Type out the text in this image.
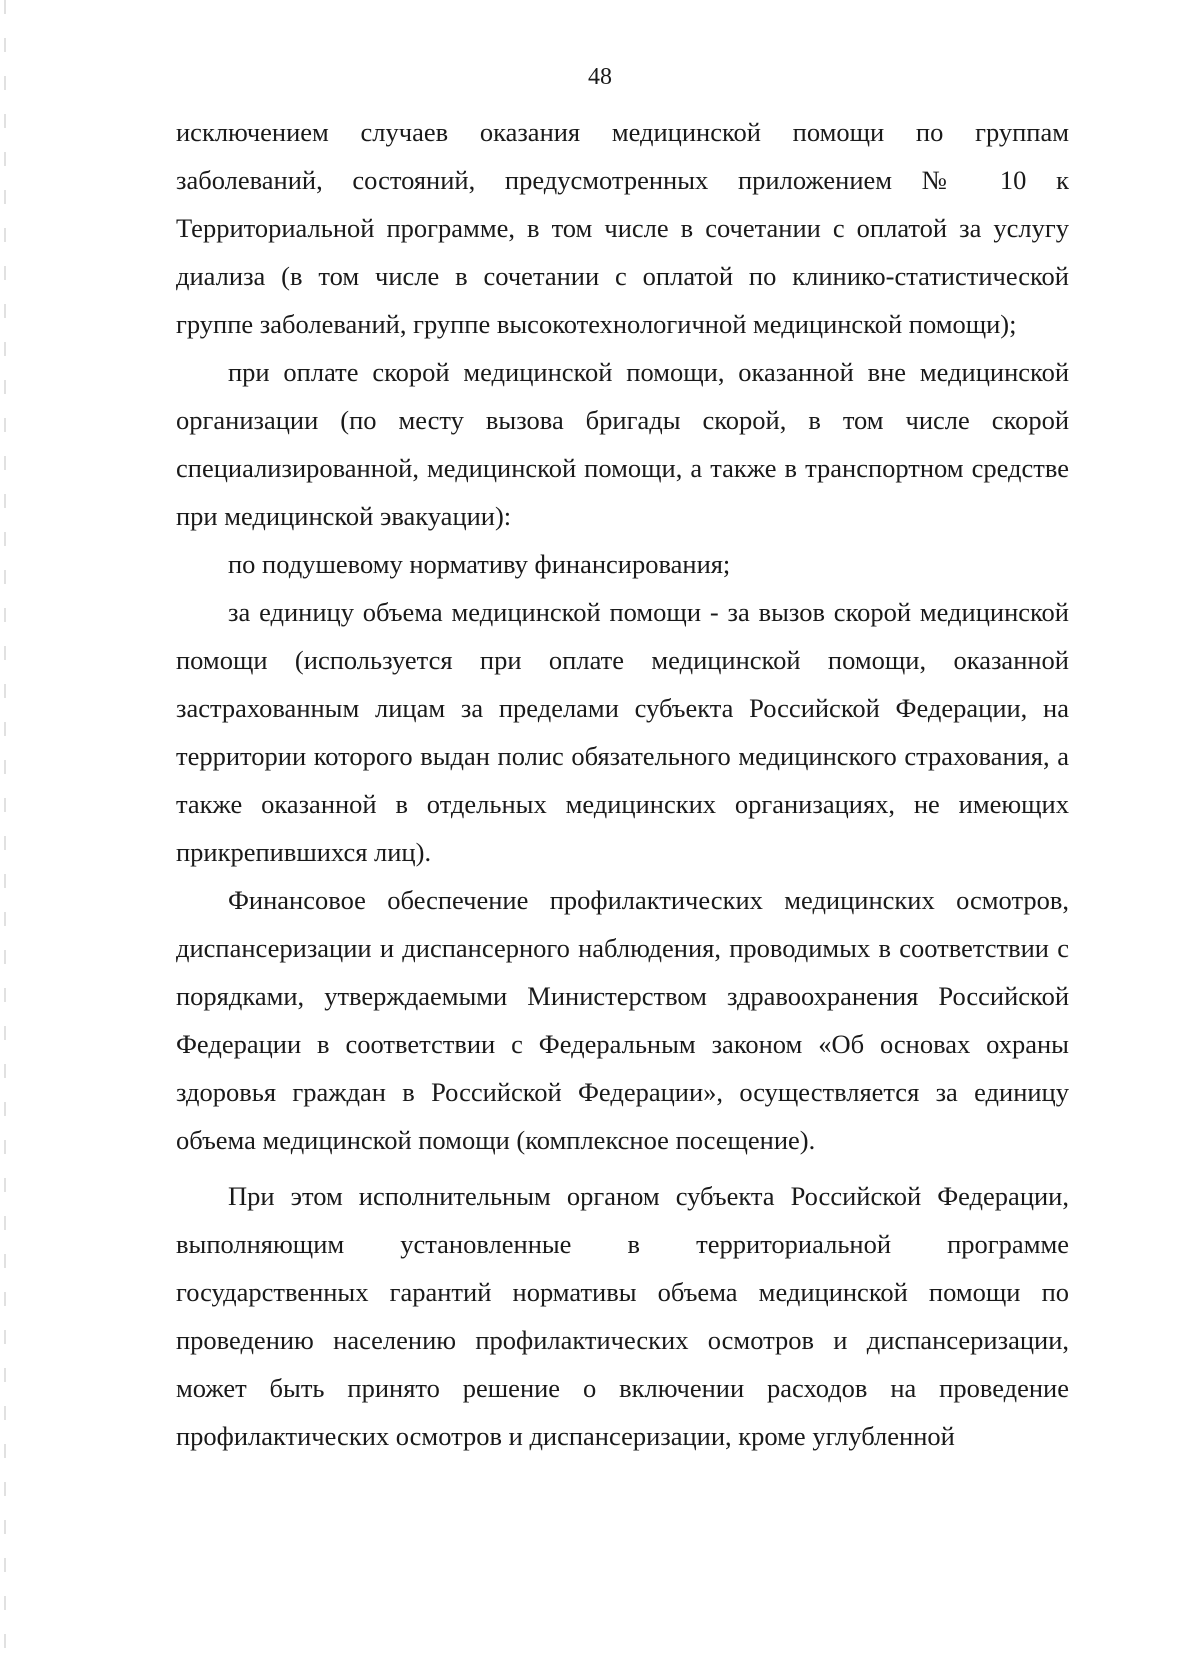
48

исключением случаев оказания медицинской помощи по группам заболеваний, состояний, предусмотренных приложением № 10 к Территориальной программе, в том числе в сочетании с оплатой за услугу диализа (в том числе в сочетании с оплатой по клинико-статистической группе заболеваний, группе высокотехнологичной медицинской помощи);

при оплате скорой медицинской помощи, оказанной вне медицинской организации (по месту вызова бригады скорой, в том числе скорой специализированной, медицинской помощи, а также в транспортном средстве при медицинской эвакуации):

по подушевому нормативу финансирования;

за единицу объема медицинской помощи - за вызов скорой медицинской помощи (используется при оплате медицинской помощи, оказанной застрахованным лицам за пределами субъекта Российской Федерации, на территории которого выдан полис обязательного медицинского страхования, а также оказанной в отдельных медицинских организациях, не имеющих прикрепившихся лиц).

Финансовое обеспечение профилактических медицинских осмотров, диспансеризации и диспансерного наблюдения, проводимых в соответствии с порядками, утверждаемыми Министерством здравоохранения Российской Федерации в соответствии с Федеральным законом «Об основах охраны здоровья граждан в Российской Федерации», осуществляется за единицу объема медицинской помощи (комплексное посещение).

При этом исполнительным органом субъекта Российской Федерации, выполняющим установленные в территориальной программе государственных гарантий нормативы объема медицинской помощи по проведению населению профилактических осмотров и диспансеризации, может быть принято решение о включении расходов на проведение профилактических осмотров и диспансеризации, кроме углубленной
